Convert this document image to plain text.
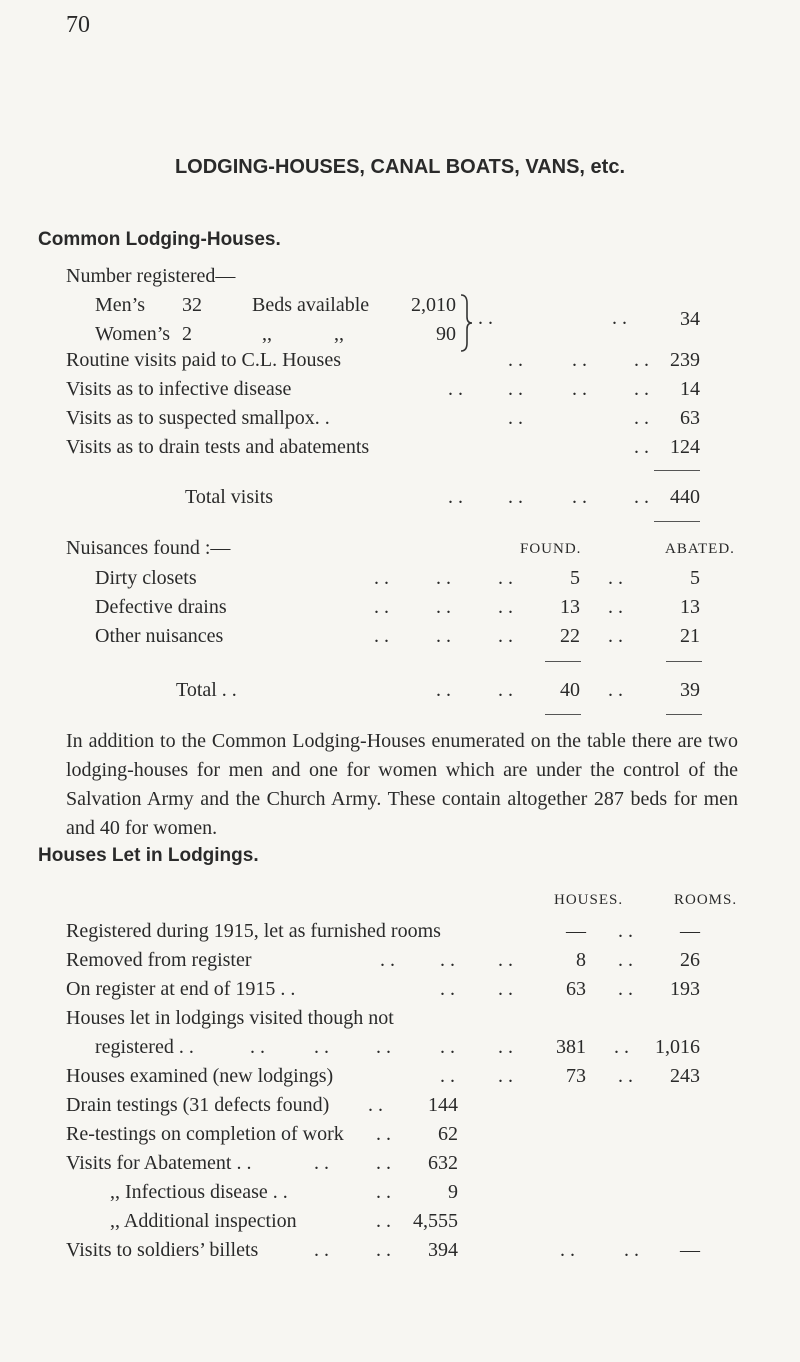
70
LODGING-HOUSES, CANAL BOATS, VANS, etc.
Common Lodging-Houses.
Number registered—
Men’s 32	Beds available	2,010
Women’s 2	,,	,,	90
. .	. .	34
Routine visits paid to C.L. Houses	. . . . . .	239
Visits as to infective disease	. . . . . . . .	14
Visits as to suspected smallpox. .	. .	. .	63
Visits as to drain tests and abatements	. .	124
Total visits	. . . . . . . .	440
Nuisances found :—	FOUND.	ABATED.
Dirty closets	. . . . . .	5 . .	5
Defective drains	. . . . . .	13 . .	13
Other nuisances	. . . . . .	22 . .	21
Total . .	. . . .	40 . .	39
In addition to the Common Lodging-Houses enumerated on the table there are two lodging-houses for men and one for women which are under the control of the Salvation Army and the Church Army. These contain altogether 287 beds for men and 40 for women.
Houses Let in Lodgings.
HOUSES.	ROOMS.
Registered during 1915, let as furnished rooms	— . .	—
Removed from register	. . . . . .	8 . .	26
On register at end of 1915 . .	. . . .	63 . .	193
Houses let in lodgings visited though not
registered . .	. . . . . . . . . .	381 . .	1,016
Houses examined (new lodgings)	. . . .	73 . .	243
Drain testings (31 defects found) . .	144
Re-testings on completion of work . .	62
Visits for Abatement . .	. . . .	632
,, Infectious disease . .	. .	9
,, Additional inspection	. .	4,555
Visits to soldiers’ billets	. . . .	394	. . . .	—
